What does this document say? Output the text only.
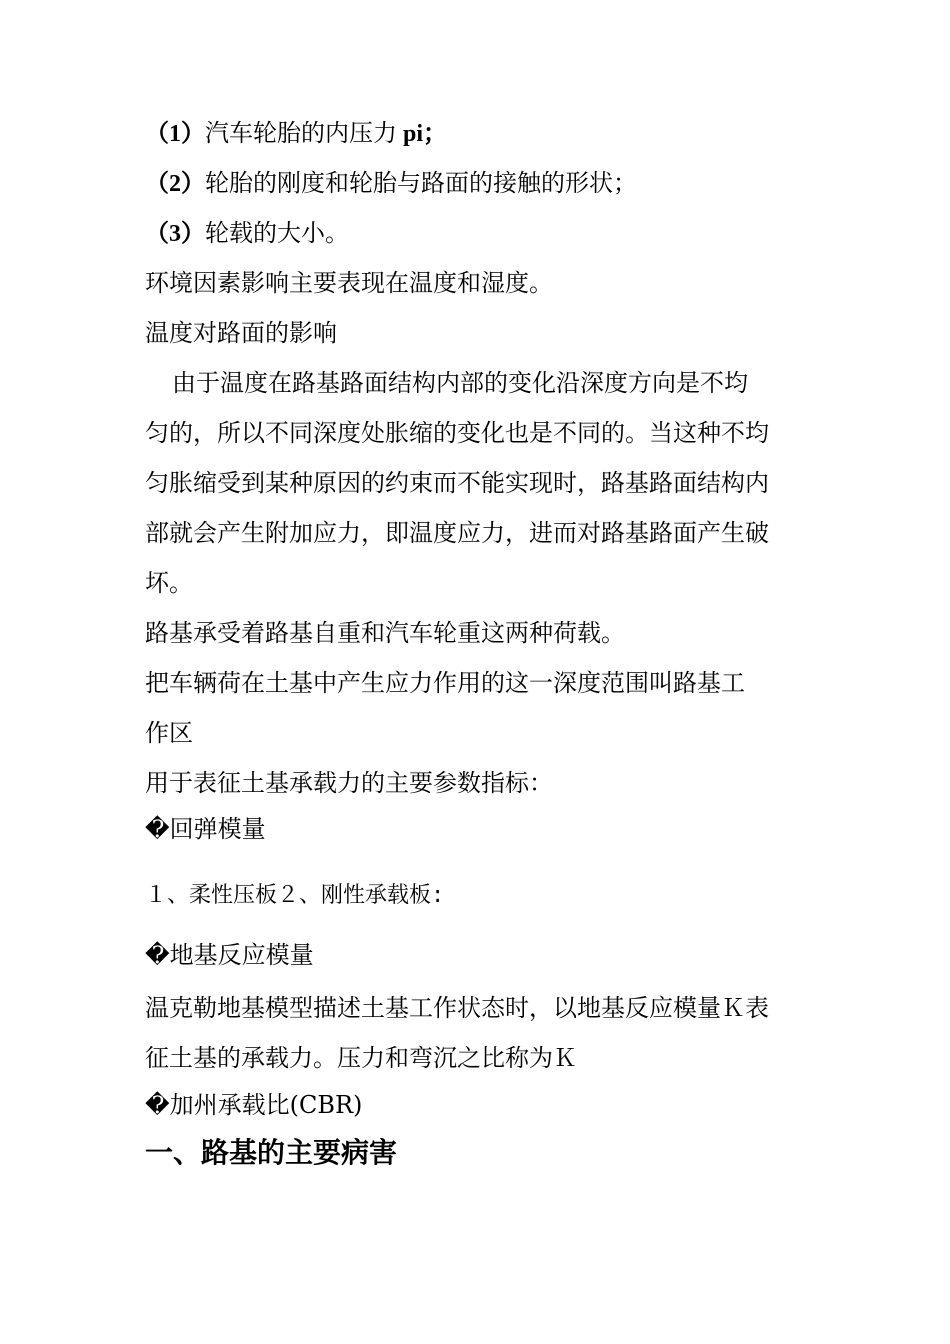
（1）汽车轮胎的内压力 pi；
（2）轮胎的刚度和轮胎与路面的接触的形状；
（3）轮载的大小。
环境因素影响主要表现在温度和湿度。
温度对路面的影响
由于温度在路基路面结构内部的变化沿深度方向是不均
匀的，所以不同深度处胀缩的变化也是不同的。当这种不均
匀胀缩受到某种原因的约束而不能实现时，路基路面结构内
部就会产生附加应力，即温度应力，进而对路基路面产生破
坏。
路基承受着路基自重和汽车轮重这两种荷载。
把车辆荷在土基中产生应力作用的这一深度范围叫路基工
作区
用于表征土基承载力的主要参数指标：
�回弹模量
１、柔性压板２、刚性承载板:
�地基反应模量
温克勒地基模型描述土基工作状态时，以地基反应模量Ｋ表
征土基的承载力。压力和弯沉之比称为Ｋ
�加州承载比(CBR)
一、路基的主要病害
